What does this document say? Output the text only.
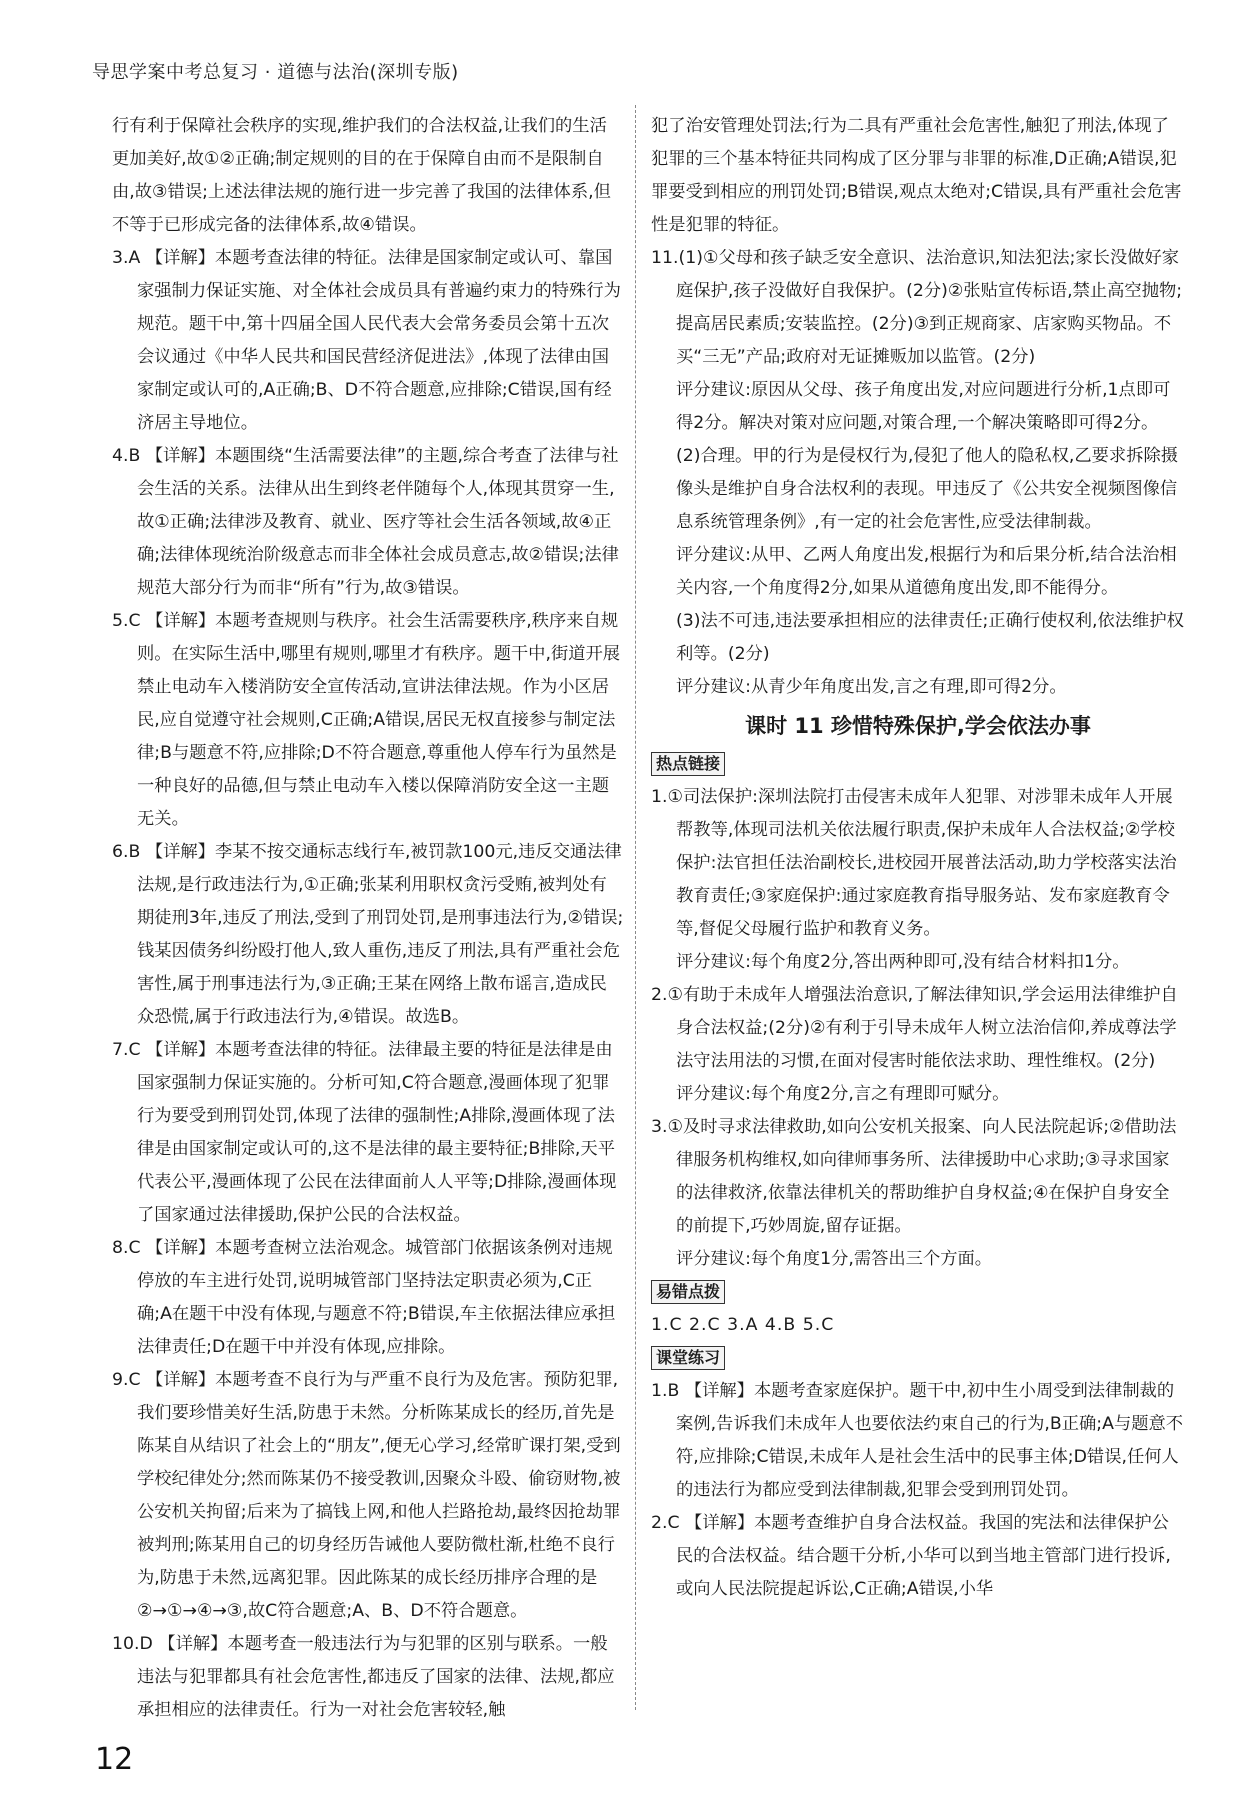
导思学案中考总复习 · 道德与法治(深圳专版)

行有利于保障社会秩序的实现,维护我们的合法权益,让我们的生活更加美好,故①②正确;制定规则的目的在于保障自由而不是限制自由,故③错误;上述法律法规的施行进一步完善了我国的法律体系,但不等于已形成完备的法律体系,故④错误。

3.A 【详解】本题考查法律的特征。法律是国家制定或认可、靠国家强制力保证实施、对全体社会成员具有普遍约束力的特殊行为规范。题干中,第十四届全国人民代表大会常务委员会第十五次会议通过《中华人民共和国民营经济促进法》,体现了法律由国家制定或认可的,A正确;B、D不符合题意,应排除;C错误,国有经济居主导地位。

4.B 【详解】本题围绕“生活需要法律”的主题,综合考查了法律与社会生活的关系。法律从出生到终老伴随每个人,体现其贯穿一生,故①正确;法律涉及教育、就业、医疗等社会生活各领域,故④正确;法律体现统治阶级意志而非全体社会成员意志,故②错误;法律规范大部分行为而非“所有”行为,故③错误。

5.C 【详解】本题考查规则与秩序。社会生活需要秩序,秩序来自规则。在实际生活中,哪里有规则,哪里才有秩序。题干中,街道开展禁止电动车入楼消防安全宣传活动,宣讲法律法规。作为小区居民,应自觉遵守社会规则,C正确;A错误,居民无权直接参与制定法律;B与题意不符,应排除;D不符合题意,尊重他人停车行为虽然是一种良好的品德,但与禁止电动车入楼以保障消防安全这一主题无关。

6.B 【详解】李某不按交通标志线行车,被罚款100元,违反交通法律法规,是行政违法行为,①正确;张某利用职权贪污受贿,被判处有期徒刑3年,违反了刑法,受到了刑罚处罚,是刑事违法行为,②错误;钱某因债务纠纷殴打他人,致人重伤,违反了刑法,具有严重社会危害性,属于刑事违法行为,③正确;王某在网络上散布谣言,造成民众恐慌,属于行政违法行为,④错误。故选B。

7.C 【详解】本题考查法律的特征。法律最主要的特征是法律是由国家强制力保证实施的。分析可知,C符合题意,漫画体现了犯罪行为要受到刑罚处罚,体现了法律的强制性;A排除,漫画体现了法律是由国家制定或认可的,这不是法律的最主要特征;B排除,天平代表公平,漫画体现了公民在法律面前人人平等;D排除,漫画体现了国家通过法律援助,保护公民的合法权益。

8.C 【详解】本题考查树立法治观念。城管部门依据该条例对违规停放的车主进行处罚,说明城管部门坚持法定职责必须为,C正确;A在题干中没有体现,与题意不符;B错误,车主依据法律应承担法律责任;D在题干中并没有体现,应排除。

9.C 【详解】本题考查不良行为与严重不良行为及危害。预防犯罪,我们要珍惜美好生活,防患于未然。分析陈某成长的经历,首先是陈某自从结识了社会上的“朋友”,便无心学习,经常旷课打架,受到学校纪律处分;然而陈某仍不接受教训,因聚众斗殴、偷窃财物,被公安机关拘留;后来为了搞钱上网,和他人拦路抢劫,最终因抢劫罪被判刑;陈某用自己的切身经历告诫他人要防微杜渐,杜绝不良行为,防患于未然,远离犯罪。因此陈某的成长经历排序合理的是②→①→④→③,故C符合题意;A、B、D不符合题意。

10.D 【详解】本题考查一般违法行为与犯罪的区别与联系。一般违法与犯罪都具有社会危害性,都违反了国家的法律、法规,都应承担相应的法律责任。行为一对社会危害较轻,触

犯了治安管理处罚法;行为二具有严重社会危害性,触犯了刑法,体现了犯罪的三个基本特征共同构成了区分罪与非罪的标准,D正确;A错误,犯罪要受到相应的刑罚处罚;B错误,观点太绝对;C错误,具有严重社会危害性是犯罪的特征。

11.(1)①父母和孩子缺乏安全意识、法治意识,知法犯法;家长没做好家庭保护,孩子没做好自我保护。(2分)②张贴宣传标语,禁止高空抛物;提高居民素质;安装监控。(2分)③到正规商家、店家购买物品。不买“三无”产品;政府对无证摊贩加以监管。(2分)

评分建议:原因从父母、孩子角度出发,对应问题进行分析,1点即可得2分。解决对策对应问题,对策合理,一个解决策略即可得2分。

(2)合理。甲的行为是侵权行为,侵犯了他人的隐私权,乙要求拆除摄像头是维护自身合法权利的表现。甲违反了《公共安全视频图像信息系统管理条例》,有一定的社会危害性,应受法律制裁。

评分建议:从甲、乙两人角度出发,根据行为和后果分析,结合法治相关内容,一个角度得2分,如果从道德角度出发,即不能得分。

(3)法不可违,违法要承担相应的法律责任;正确行使权利,依法维护权利等。(2分)

评分建议:从青少年角度出发,言之有理,即可得2分。

课时 11 珍惜特殊保护,学会依法办事
热点链接

1.①司法保护:深圳法院打击侵害未成年人犯罪、对涉罪未成年人开展帮教等,体现司法机关依法履行职责,保护未成年人合法权益;②学校保护:法官担任法治副校长,进校园开展普法活动,助力学校落实法治教育责任;③家庭保护:通过家庭教育指导服务站、发布家庭教育令等,督促父母履行监护和教育义务。

评分建议:每个角度2分,答出两种即可,没有结合材料扣1分。

2.①有助于未成年人增强法治意识,了解法律知识,学会运用法律维护自身合法权益;(2分)②有利于引导未成年人树立法治信仰,养成尊法学法守法用法的习惯,在面对侵害时能依法求助、理性维权。(2分)

评分建议:每个角度2分,言之有理即可赋分。

3.①及时寻求法律救助,如向公安机关报案、向人民法院起诉;②借助法律服务机构维权,如向律师事务所、法律援助中心求助;③寻求国家的法律救济,依靠法律机关的帮助维护自身权益;④在保护自身安全的前提下,巧妙周旋,留存证据。

评分建议:每个角度1分,需答出三个方面。

易错点拨

1.C 2.C 3.A 4.B 5.C

课堂练习

1.B 【详解】本题考查家庭保护。题干中,初中生小周受到法律制裁的案例,告诉我们未成年人也要依法约束自己的行为,B正确;A与题意不符,应排除;C错误,未成年人是社会生活中的民事主体;D错误,任何人的违法行为都应受到法律制裁,犯罪会受到刑罚处罚。

2.C 【详解】本题考查维护自身合法权益。我国的宪法和法律保护公民的合法权益。结合题干分析,小华可以到当地主管部门进行投诉,或向人民法院提起诉讼,C正确;A错误,小华

12
